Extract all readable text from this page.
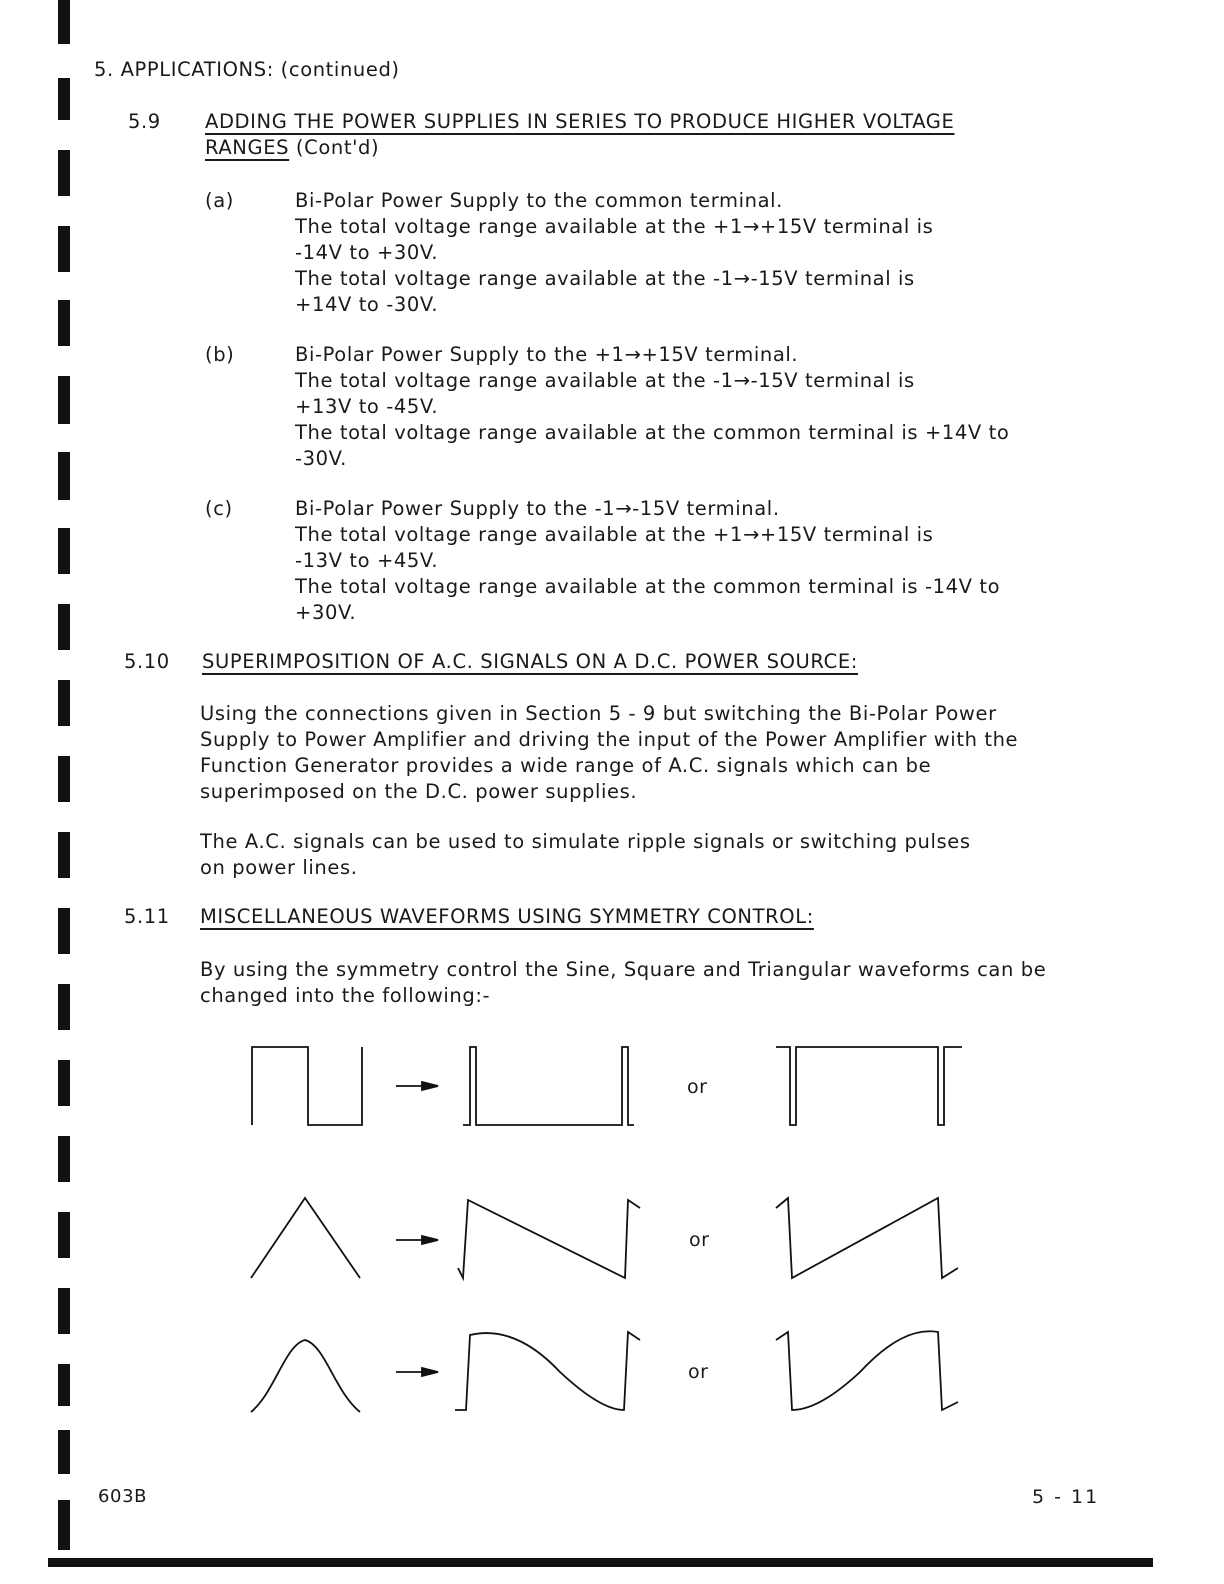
5. APPLICATIONS: (continued)
5.9 ADDING THE POWER SUPPLIES IN SERIES TO PRODUCE HIGHER VOLTAGE
RANGES (Cont'd)
(a)	Bi-Polar Power Supply to the common terminal.
The total voltage range available at the +1→+15V terminal is
-14V to +30V.
The total voltage range available at the -1→-15V terminal is
+14V to -30V.
(b)	Bi-Polar Power Supply to the +1→+15V terminal.
The total voltage range available at the -1→-15V terminal is
+13V to -45V.
The total voltage range available at the common terminal is +14V to
-30V.
(c)	Bi-Polar Power Supply to the -1→-15V terminal.
The total voltage range available at the +1→+15V terminal is
-13V to +45V.
The total voltage range available at the common terminal is -14V to
+30V.
5.10 SUPERIMPOSITION OF A.C. SIGNALS ON A D.C. POWER SOURCE:
Using the connections given in Section 5 - 9 but switching the Bi-Polar Power
Supply to Power Amplifier and driving the input of the Power Amplifier with the
Function Generator provides a wide range of A.C. signals which can be
superimposed on the D.C. power supplies.
The A.C. signals can be used to simulate ripple signals or switching pulses
on power lines.
5.11 MISCELLANEOUS WAVEFORMS USING SYMMETRY CONTROL:
By using the symmetry control the Sine, Square and Triangular waveforms can be
changed into the following:-
or
or
or
603B	5 - 11
